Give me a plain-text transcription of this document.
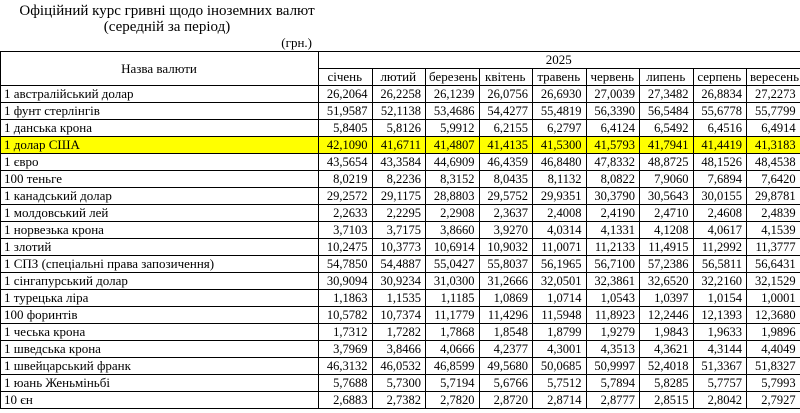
Офіційний курс гривні щодо іноземних валют
(середній за період)
(грн.)
Назва валюти	2025								
	січень	лютий	березень	квітень	травень	червень	липень	серпень	вересень
1 австралійський долар	26,2064	26,2258	26,1239	26,0756	26,6930	27,0039	27,3482	26,8834	27,2273
1 фунт стерлінгів	51,9587	52,1138	53,4686	54,4277	55,4819	56,3390	56,5484	55,6778	55,7799
1 данська крона	5,8405	5,8126	5,9912	6,2155	6,2797	6,4124	6,5492	6,4516	6,4914
1 долар США	42,1090	41,6711	41,4807	41,4135	41,5300	41,5793	41,7941	41,4419	41,3183
1 євро	43,5654	43,3584	44,6909	46,4359	46,8480	47,8332	48,8725	48,1526	48,4538
100 теньге	8,0219	8,2236	8,3152	8,0435	8,1132	8,0822	7,9060	7,6894	7,6420
1 канадський долар	29,2572	29,1175	28,8803	29,5752	29,9351	30,3790	30,5643	30,0155	29,8781
1 молдовський лей	2,2633	2,2295	2,2908	2,3637	2,4008	2,4190	2,4710	2,4608	2,4839
1 норвезька крона	3,7103	3,7175	3,8660	3,9270	4,0314	4,1331	4,1208	4,0617	4,1539
1 злотий	10,2475	10,3773	10,6914	10,9032	11,0071	11,2133	11,4915	11,2992	11,3777
1 СПЗ (спеціальні права запозичення)	54,7850	54,4887	55,0427	55,8037	56,1965	56,7100	57,2386	56,5811	56,6431
1 сінгапурський долар	30,9094	30,9234	31,0300	31,2666	32,0501	32,3861	32,6520	32,2160	32,1529
1 турецька ліра	1,1863	1,1535	1,1185	1,0869	1,0714	1,0543	1,0397	1,0154	1,0001
100 форинтів	10,5782	10,7374	11,1779	11,4296	11,5948	11,8923	12,2446	12,1393	12,3680
1 чеська крона	1,7312	1,7282	1,7868	1,8548	1,8799	1,9279	1,9843	1,9633	1,9896
1 шведська крона	3,7969	3,8466	4,0666	4,2377	4,3001	4,3513	4,3621	4,3144	4,4049
1 швейцарський франк	46,3132	46,0532	46,8599	49,5680	50,0685	50,9997	52,4018	51,3367	51,8327
1 юань Женьміньбі	5,7688	5,7300	5,7194	5,6766	5,7512	5,7894	5,8285	5,7757	5,7993
10 єн	2,6883	2,7382	2,7820	2,8720	2,8714	2,8777	2,8515	2,8042	2,7927
